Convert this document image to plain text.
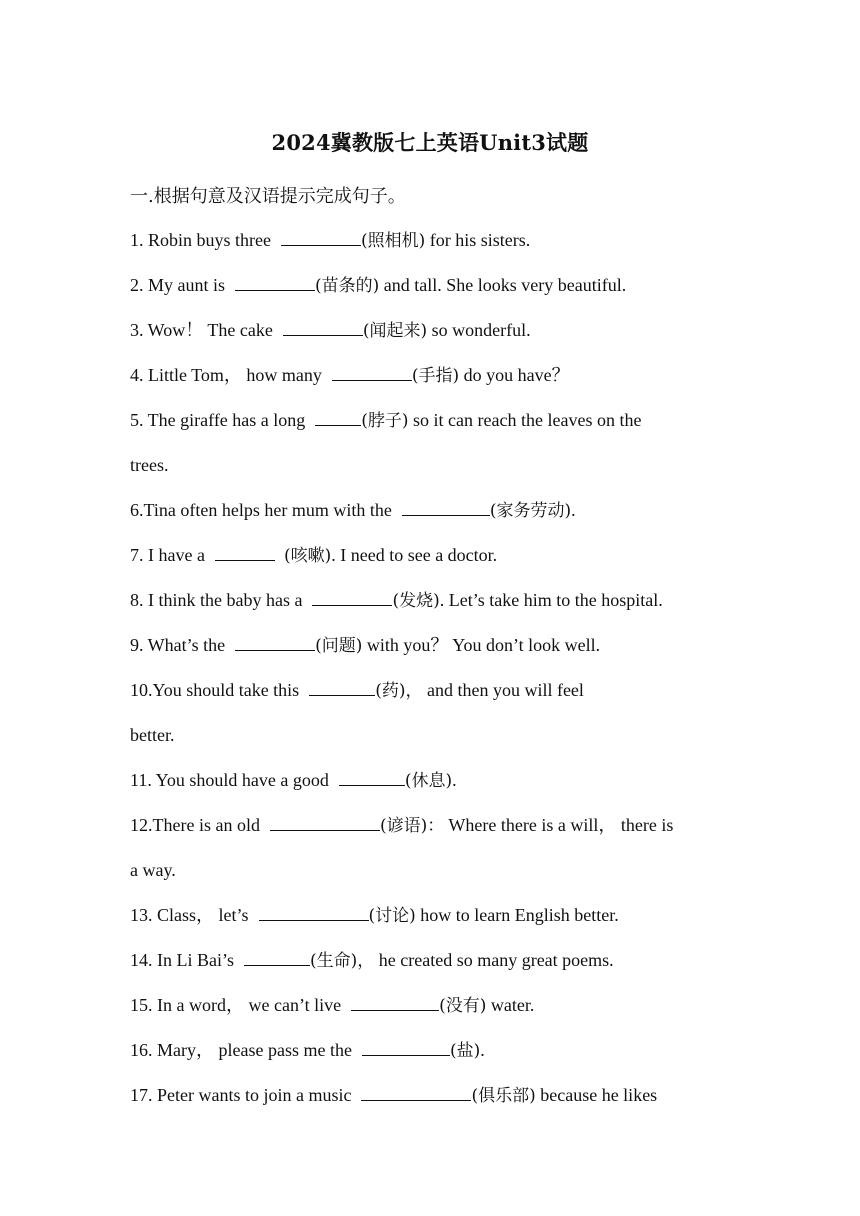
2024冀教版七上英语Unit3试题
一.根据句意及汉语提示完成句子。
1. Robin buys three	(照相机) for his sisters.
2. My aunt is	(苗条的) and tall. She looks very beautiful.
3. Wow！ The cake	(闻起来) so wonderful.
4. Little Tom， how many	(手指) do you have？
5. The giraffe has a long	(脖子) so it can reach the leaves on the
trees.
6.Tina often helps her mum with the	(家务劳动).
7. I have a	(咳嗽). I need to see a doctor.
8. I think the baby has a	(发烧). Let’s take him to the hospital.
9. What’s the	(问题) with you？ You don’t look well.
10.You should take this	(药)， and then you will feel
better.
11. You should have a good	(休息).
12.There is an old	(谚语)： Where there is a will， there is
a way.
13. Class， let’s	(讨论) how to learn English better.
14. In Li Bai’s	(生命)， he created so many great poems.
15. In a word， we can’t live	(没有) water.
16. Mary， please pass me the	(盐).
17. Peter wants to join a music	(俱乐部) because he likes
